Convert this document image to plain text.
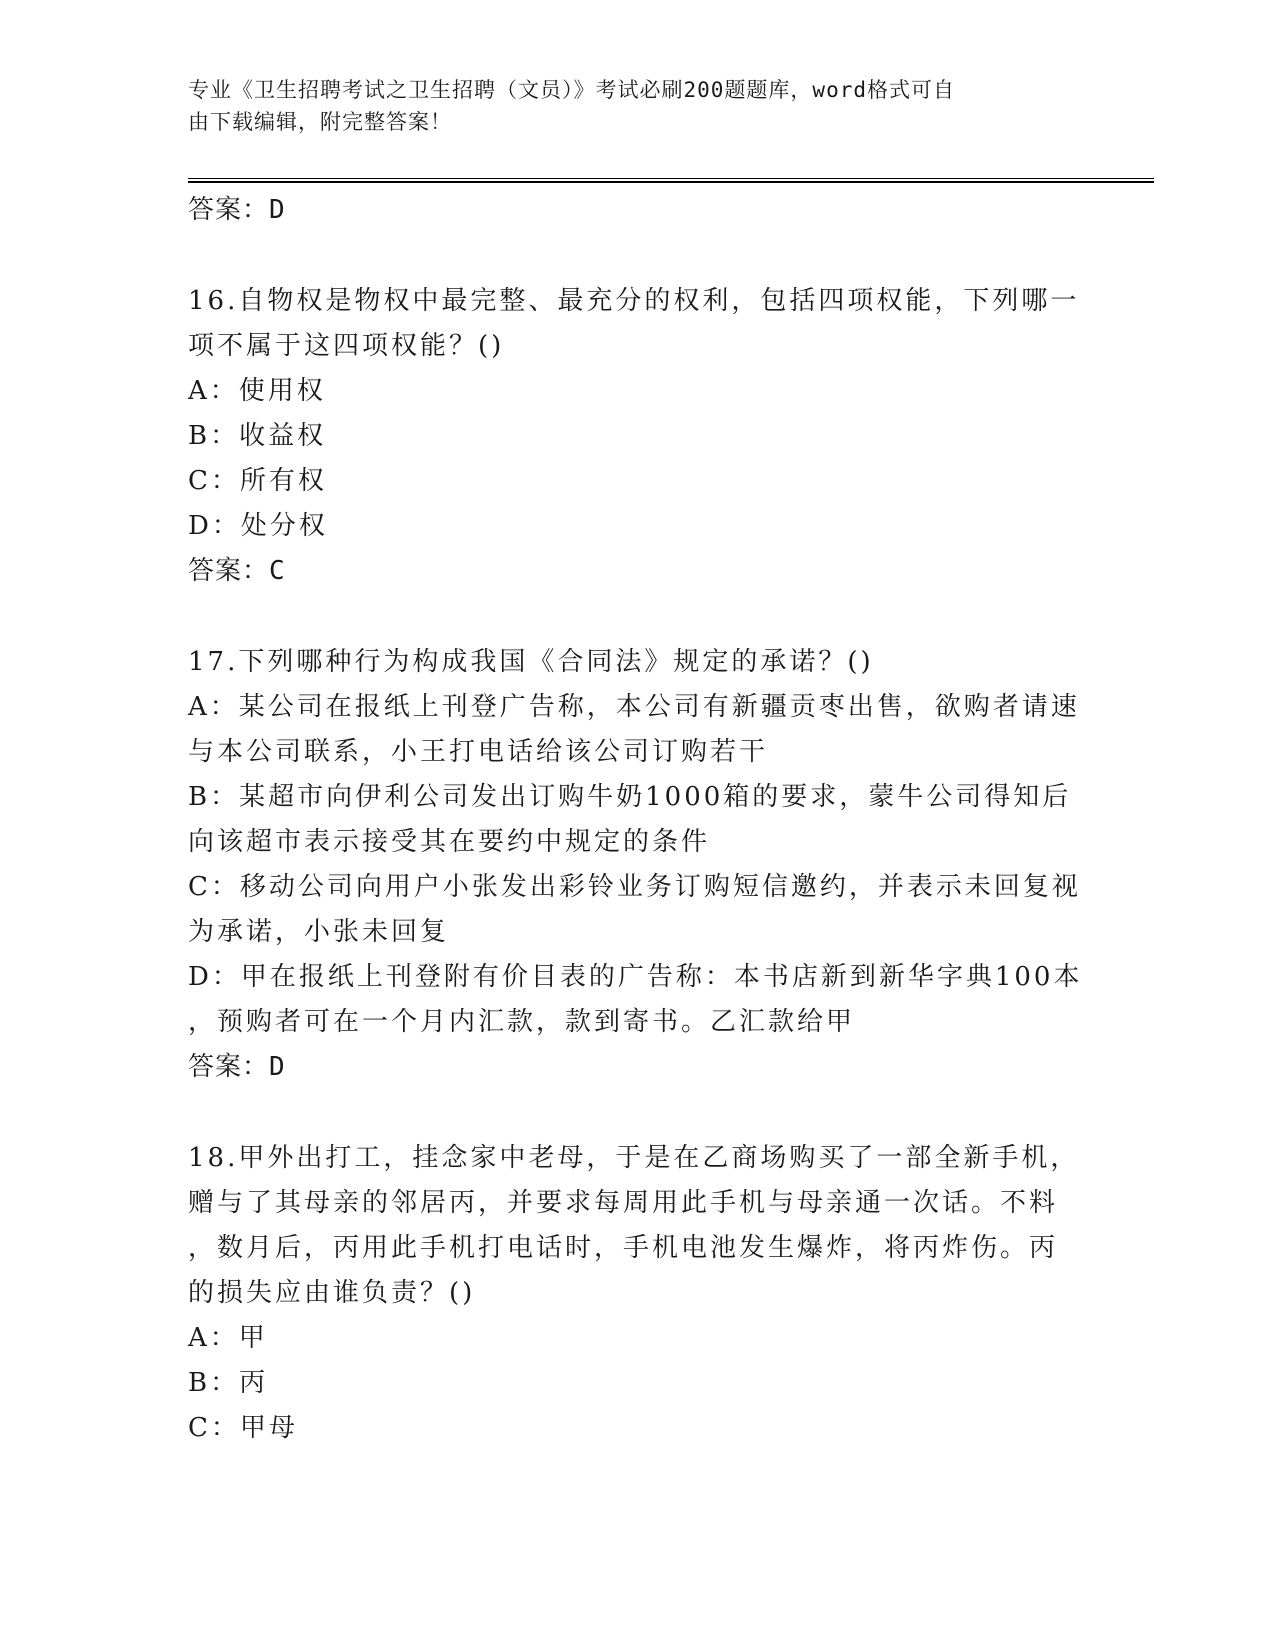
专业《卫生招聘考试之卫生招聘（文员）》考试必刷200题题库，word格式可自
由下载编辑，附完整答案！
答案：D
16.自物权是物权中最完整、最充分的权利，包括四项权能，下列哪一
项不属于这四项权能？()
A：使用权
B：收益权
C：所有权
D：处分权
答案：C
17.下列哪种行为构成我国《合同法》规定的承诺？()
A：某公司在报纸上刊登广告称，本公司有新疆贡枣出售，欲购者请速
与本公司联系，小王打电话给该公司订购若干
B：某超市向伊利公司发出订购牛奶1000箱的要求，蒙牛公司得知后
向该超市表示接受其在要约中规定的条件
C：移动公司向用户小张发出彩铃业务订购短信邀约，并表示未回复视
为承诺，小张未回复
D：甲在报纸上刊登附有价目表的广告称：本书店新到新华字典100本
，预购者可在一个月内汇款，款到寄书。乙汇款给甲
答案：D
18.甲外出打工，挂念家中老母，于是在乙商场购买了一部全新手机，
赠与了其母亲的邻居丙，并要求每周用此手机与母亲通一次话。不料
，数月后，丙用此手机打电话时，手机电池发生爆炸，将丙炸伤。丙
的损失应由谁负责？()
A：甲
B：丙
C：甲母
